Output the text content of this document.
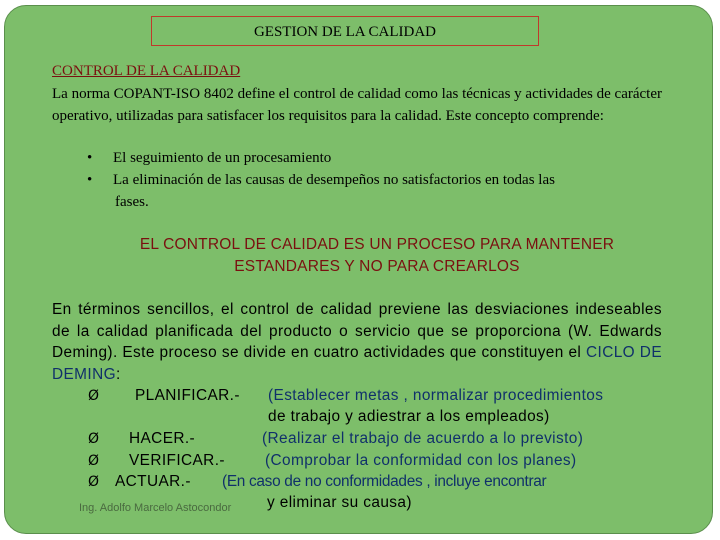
GESTION DE LA CALIDAD
CONTROL DE LA CALIDAD
La norma COPANT-ISO 8402 define el control de calidad como las técnicas y actividades de carácter operativo, utilizadas para satisfacer los requisitos para la calidad. Este concepto comprende:
• El seguimiento de un procesamiento
• La eliminación de las causas de desempeños no satisfactorios en todas las
fases.
EL CONTROL DE CALIDAD ES UN PROCESO PARA MANTENER
ESTANDARES Y NO PARA CREARLOS
En términos sencillos, el control de calidad previene las desviaciones indeseables de la calidad planificada del producto o servicio que se proporciona (W. Edwards Deming). Este proceso se divide en cuatro actividades que constituyen el CICLO DE DEMING:
Ø PLANIFICAR.- (Establecer metas , normalizar procedimientos
de trabajo y adiestrar a los empleados)
Ø HACER.-	(Realizar el trabajo de acuerdo a lo previsto)
Ø VERIFICAR.-	(Comprobar la conformidad con los planes)
Ø ACTUAR.- (En caso de no conformidades , incluye encontrar
y eliminar su causa)
Ing. Adolfo Marcelo Astocondor
